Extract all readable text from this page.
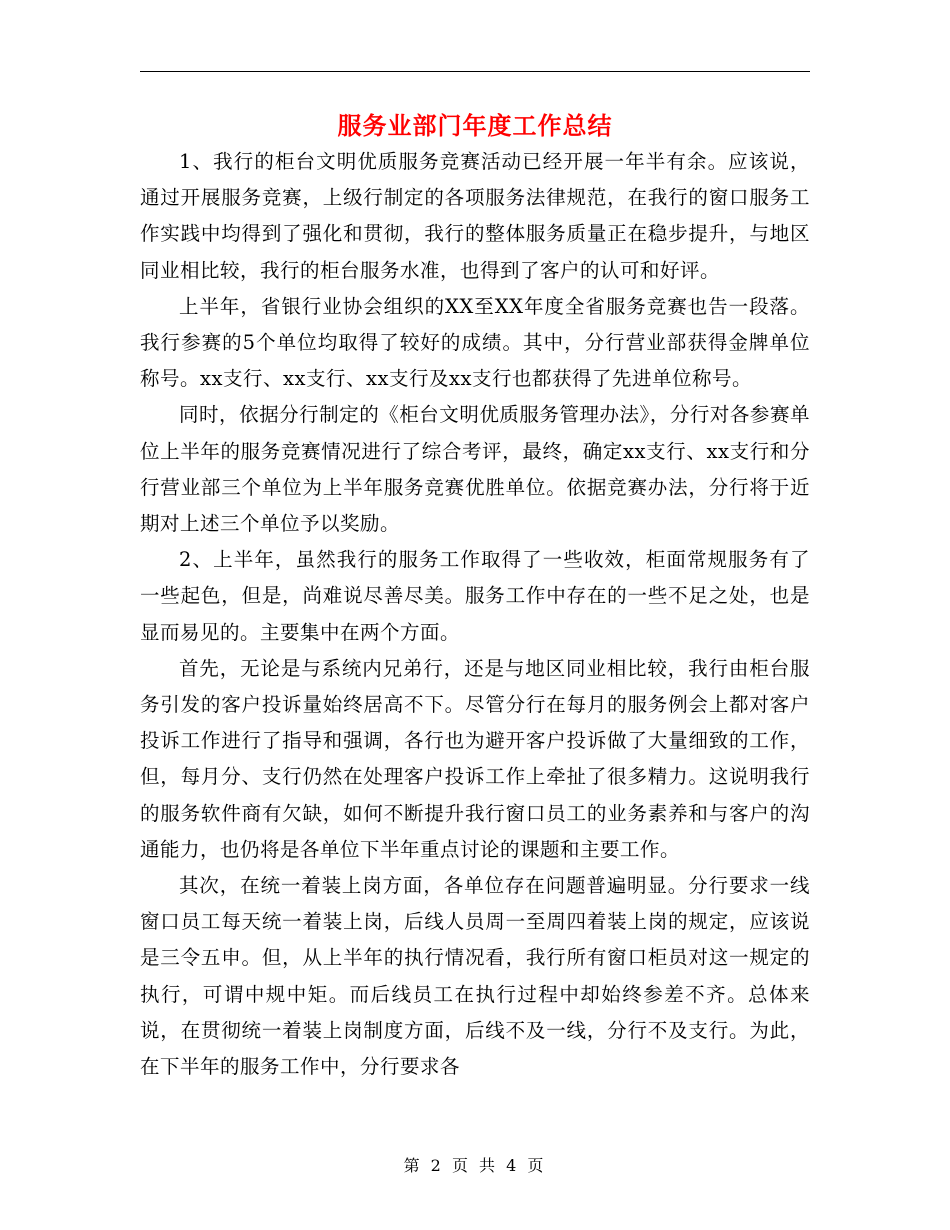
服务业部门年度工作总结

1、我行的柜台文明优质服务竞赛活动已经开展一年半有余。应该说，通过开展服务竞赛，上级行制定的各项服务法律规范，在我行的窗口服务工作实践中均得到了强化和贯彻，我行的整体服务质量正在稳步提升，与地区同业相比较，我行的柜台服务水准，也得到了客户的认可和好评。

上半年，省银行业协会组织的XX至XX年度全省服务竞赛也告一段落。我行参赛的5个单位均取得了较好的成绩。其中，分行营业部获得金牌单位称号。xx支行、xx支行、xx支行及xx支行也都获得了先进单位称号。

同时，依据分行制定的《柜台文明优质服务管理办法》，分行对各参赛单位上半年的服务竞赛情况进行了综合考评，最终，确定xx支行、xx支行和分行营业部三个单位为上半年服务竞赛优胜单位。依据竞赛办法，分行将于近期对上述三个单位予以奖励。

2、上半年，虽然我行的服务工作取得了一些收效，柜面常规服务有了一些起色，但是，尚难说尽善尽美。服务工作中存在的一些不足之处，也是显而易见的。主要集中在两个方面。

首先，无论是与系统内兄弟行，还是与地区同业相比较，我行由柜台服务引发的客户投诉量始终居高不下。尽管分行在每月的服务例会上都对客户投诉工作进行了指导和强调，各行也为避开客户投诉做了大量细致的工作，但，每月分、支行仍然在处理客户投诉工作上牵扯了很多精力。这说明我行的服务软件商有欠缺，如何不断提升我行窗口员工的业务素养和与客户的沟通能力，也仍将是各单位下半年重点讨论的课题和主要工作。

其次，在统一着装上岗方面，各单位存在问题普遍明显。分行要求一线窗口员工每天统一着装上岗，后线人员周一至周四着装上岗的规定，应该说是三令五申。但，从上半年的执行情况看，我行所有窗口柜员对这一规定的执行，可谓中规中矩。而后线员工在执行过程中却始终参差不齐。总体来说，在贯彻统一着装上岗制度方面，后线不及一线，分行不及支行。为此，在下半年的服务工作中，分行要求各

第 2 页 共 4 页
